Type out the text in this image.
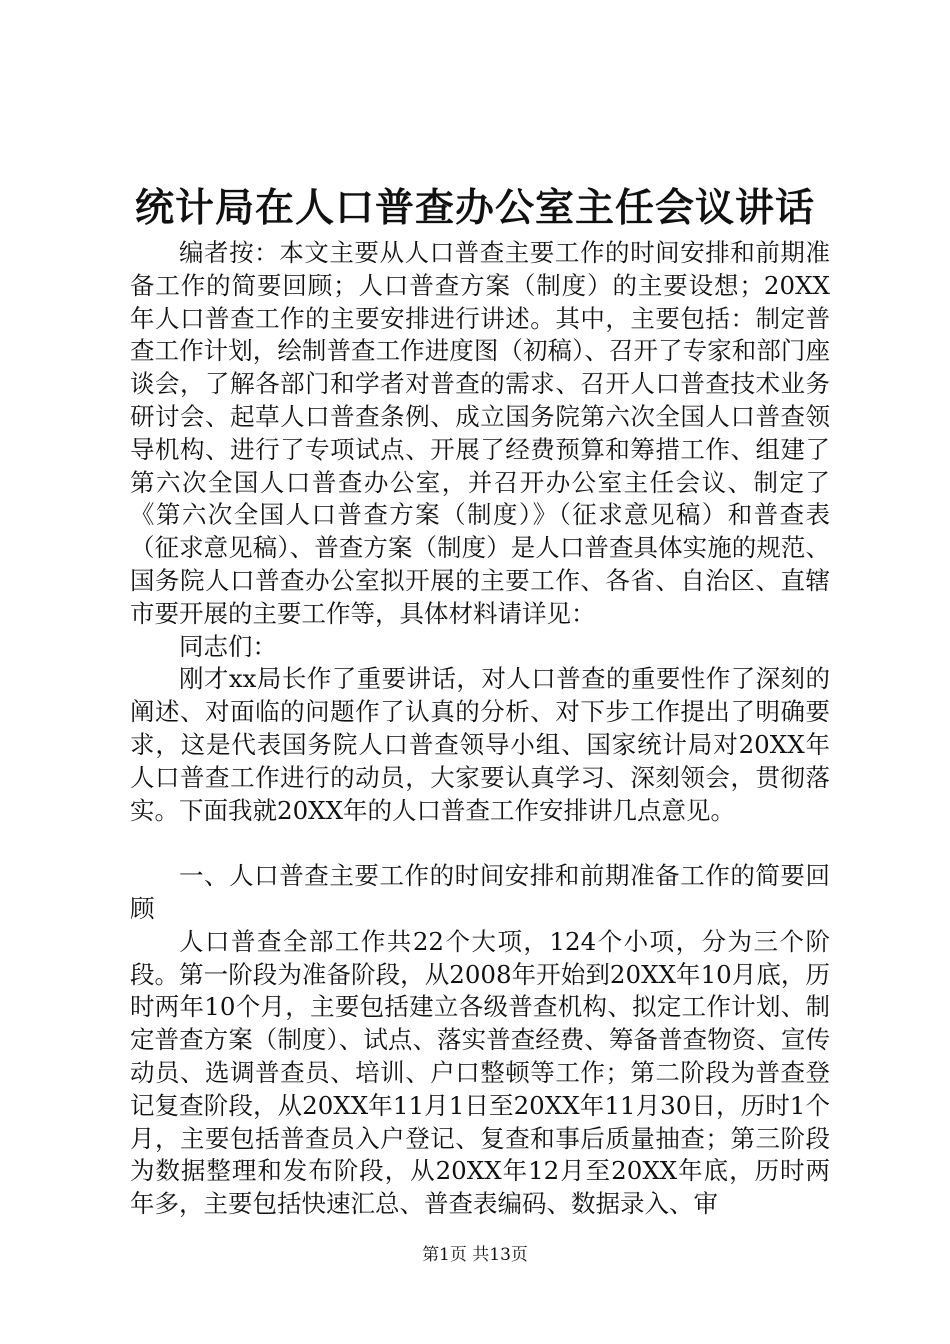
统计局在人口普查办公室主任会议讲话

编者按：本文主要从人口普查主要工作的时间安排和前期准备工作的简要回顾；人口普查方案（制度）的主要设想；20XX年人口普查工作的主要安排进行讲述。其中，主要包括：制定普查工作计划，绘制普查工作进度图（初稿）、召开了专家和部门座谈会，了解各部门和学者对普查的需求、召开人口普查技术业务研讨会、起草人口普查条例、成立国务院第六次全国人口普查领导机构、进行了专项试点、开展了经费预算和筹措工作、组建了第六次全国人口普查办公室，并召开办公室主任会议、制定了《第六次全国人口普查方案（制度）》（征求意见稿）和普查表（征求意见稿）、普查方案（制度）是人口普查具体实施的规范、国务院人口普查办公室拟开展的主要工作、各省、自治区、直辖市要开展的主要工作等，具体材料请详见：

同志们：

刚才xx局长作了重要讲话，对人口普查的重要性作了深刻的阐述、对面临的问题作了认真的分析、对下步工作提出了明确要求，这是代表国务院人口普查领导小组、国家统计局对20XX年人口普查工作进行的动员，大家要认真学习、深刻领会，贯彻落实。下面我就20XX年的人口普查工作安排讲几点意见。

一、人口普查主要工作的时间安排和前期准备工作的简要回顾

人口普查全部工作共22个大项，124个小项，分为三个阶段。第一阶段为准备阶段，从2008年开始到20XX年10月底，历时两年10个月，主要包括建立各级普查机构、拟定工作计划、制定普查方案（制度）、试点、落实普查经费、筹备普查物资、宣传动员、选调普查员、培训、户口整顿等工作；第二阶段为普查登记复查阶段，从20XX年11月1日至20XX年11月30日，历时1个月，主要包括普查员入户登记、复查和事后质量抽查；第三阶段为数据整理和发布阶段，从20XX年12月至20XX年底，历时两年多，主要包括快速汇总、普查表编码、数据录入、审

第1页 共13页
